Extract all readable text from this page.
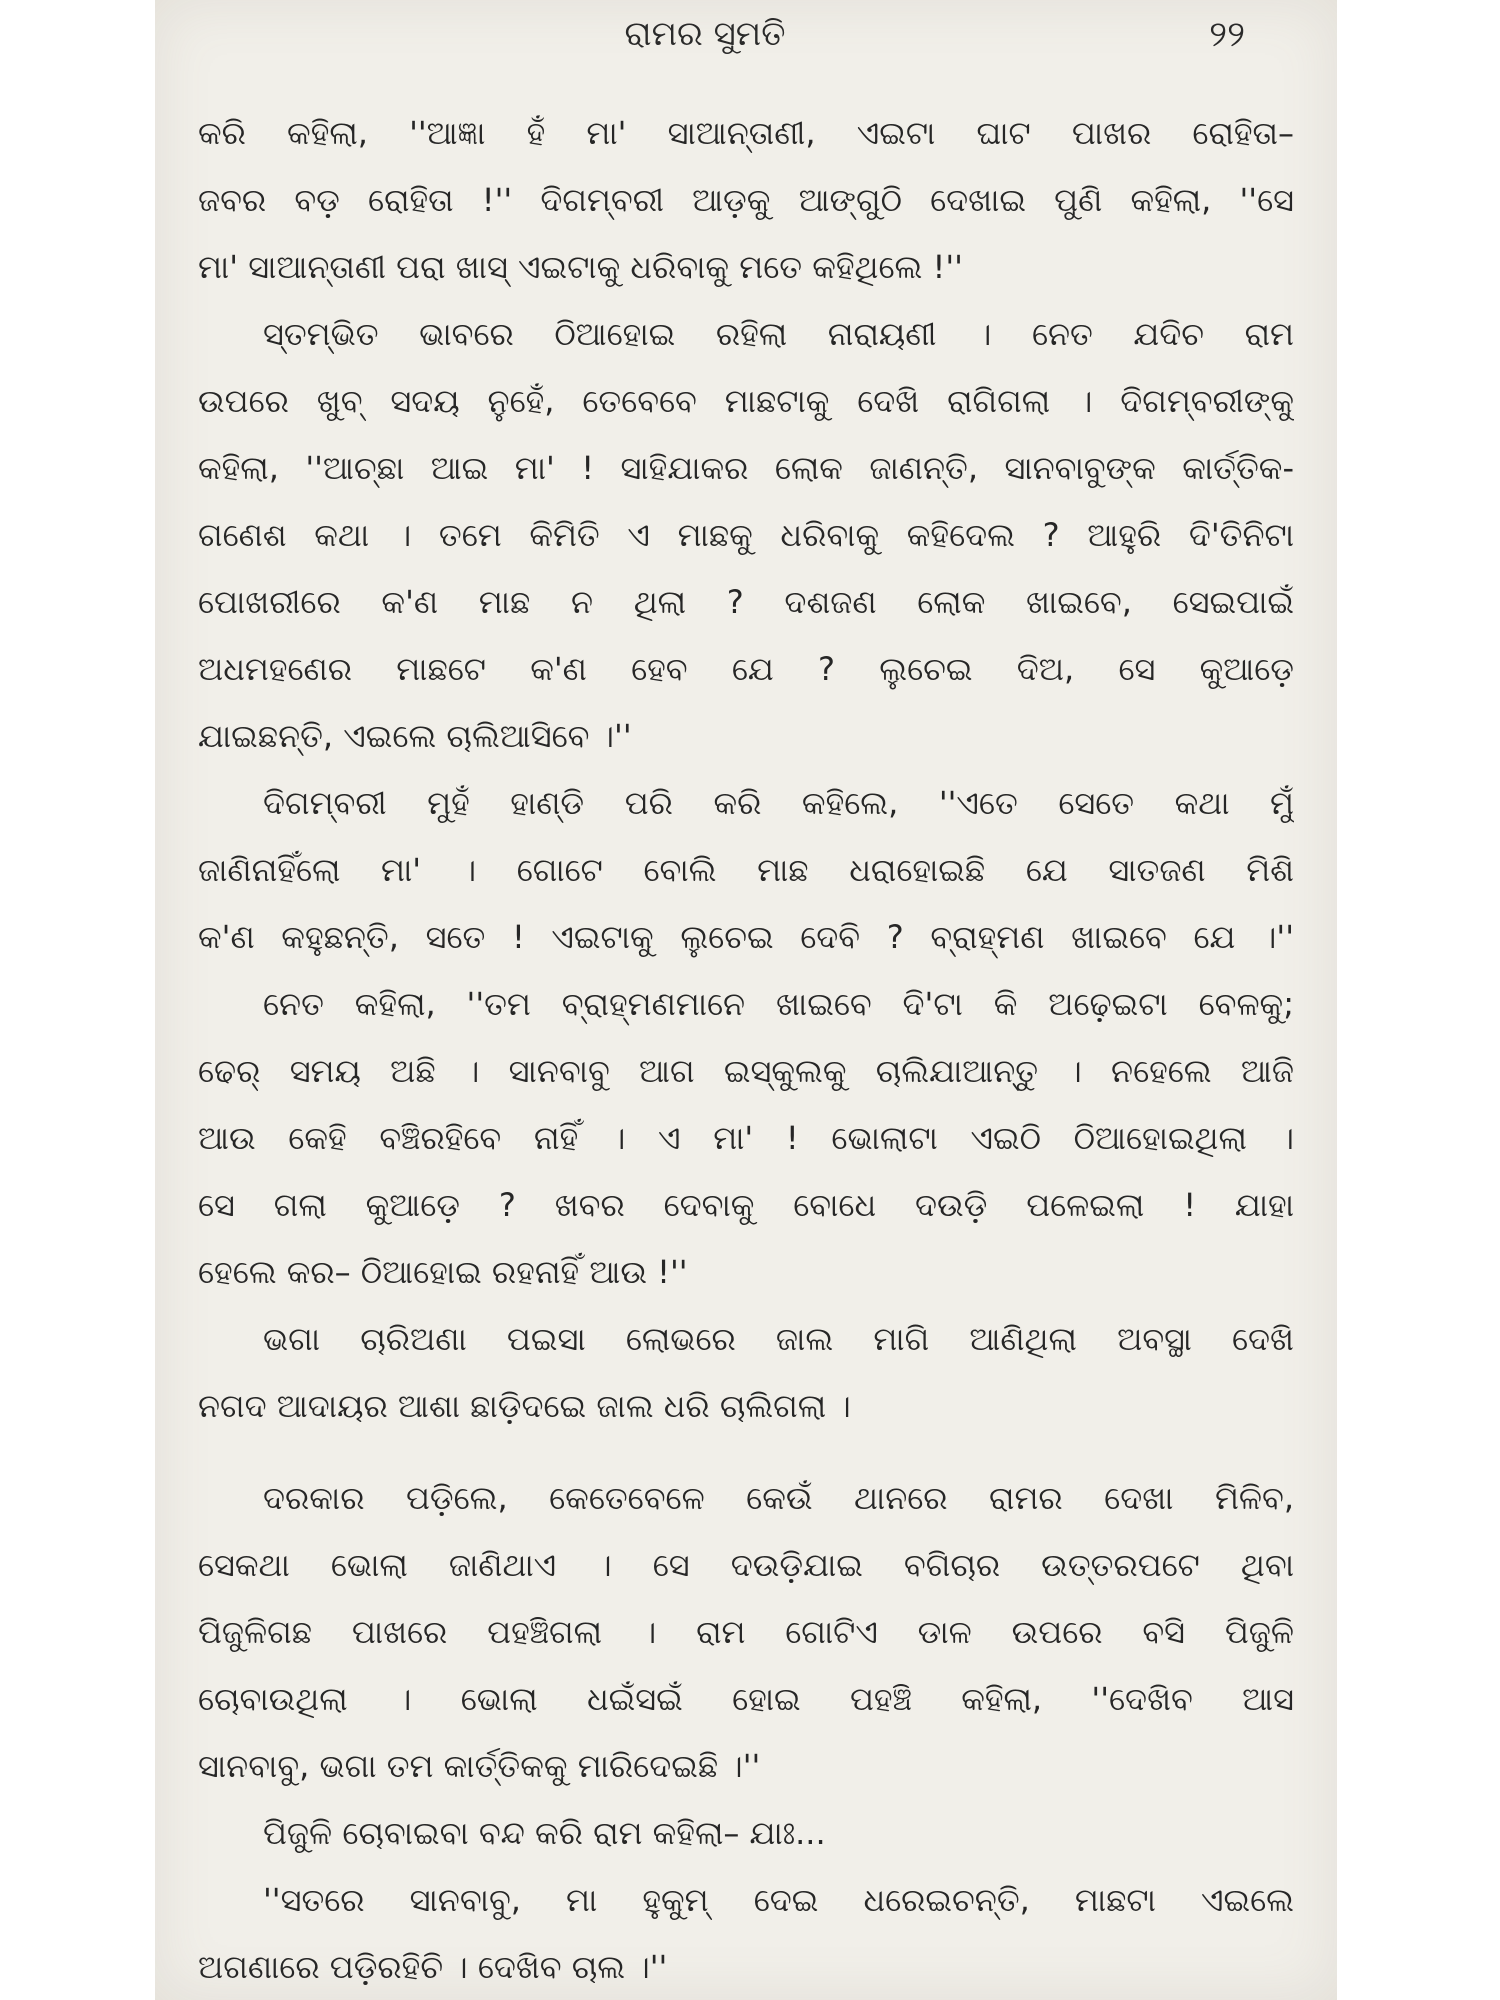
ରାମର ସୁମତି	୨୨
କରି କହିଲା, ''ଆଜ୍ଞା ହଁ ମା' ସାଆନ୍ତାଣୀ, ଏଇଟା ଘାଟ ପାଖର ରୋହିତା–
ଜବର ବଡ଼ ରୋହିତା !'' ଦିଗମ୍ବରୀ ଆଡ଼କୁ ଆଙ୍ଗୁଠି ଦେଖାଇ ପୁଣି କହିଲା, ''ସେ
ମା' ସାଆନ୍ତାଣୀ ପରା ଖାସ୍ ଏଇଟାକୁ ଧରିବାକୁ ମତେ କହିଥିଲେ !''
ସ୍ତମ୍ଭିତ ଭାବରେ ଠିଆହୋଇ ରହିଲା ନାରାୟଣୀ । ନେତ ଯଦିଚ ରାମ
ଉପରେ ଖୁବ୍ ସଦୟ ନୁହେଁ, ତେବେବେ ମାଛଟାକୁ ଦେଖି ରାଗିଗଲା । ଦିଗମ୍ବରୀଙ୍କୁ
କହିଲା, ''ଆଚ୍ଛା ଆଇ ମା' ! ସାହିଯାକର ଲୋକ ଜାଣନ୍ତି, ସାନବାବୁଙ୍କ କାର୍ତ୍ତିକ-
ଗଣେଶ କଥା । ତମେ କିମିତି ଏ ମାଛକୁ ଧରିବାକୁ କହିଦେଲ ? ଆହୁରି ଦି'ତିନିଟା
ପୋଖରୀରେ କ'ଣ ମାଛ ନ ଥିଲା ? ଦଶଜଣ ଲୋକ ଖାଇବେ, ସେଇପାଇଁ
ଅଧମହଣେର ମାଛଟେ କ'ଣ ହେବ ଯେ ? ଲୁଚେଇ ଦିଅ, ସେ କୁଆଡ଼େ
ଯାଇଛନ୍ତି, ଏଇଲେ ଚାଲିଆସିବେ ।''
ଦିଗମ୍ବରୀ ମୁହଁ ହାଣ୍ଡି ପରି କରି କହିଲେ, ''ଏତେ ସେତେ କଥା ମୁଁ
ଜାଣିନାହିଁଲୋ ମା' । ଗୋଟେ ବୋଲି ମାଛ ଧରାହୋଇଛି ଯେ ସାତଜଣ ମିଶି
କ'ଣ କହୁଛନ୍ତି, ସତେ ! ଏଇଟାକୁ ଲୁଚେଇ ଦେବି ? ବ୍ରାହ୍ମଣ ଖାଇବେ ଯେ ।''
ନେତ କହିଲା, ''ତମ ବ୍ରାହ୍ମଣମାନେ ଖାଇବେ ଦି'ଟା କି ଅଢ଼େଇଟା ବେଳକୁ;
ଢେର୍ ସମୟ ଅଛି । ସାନବାବୁ ଆଗ ଇସ୍କୁଲକୁ ଚାଲିଯାଆନ୍ତୁ । ନହେଲେ ଆଜି
ଆଉ କେହି ବଞ୍ଚିରହିବେ ନାହିଁ । ଏ ମା' ! ଭୋଲାଟା ଏଇଠି ଠିଆହୋଇଥିଲା ।
ସେ ଗଲା କୁଆଡ଼େ ? ଖବର ଦେବାକୁ ବୋଧେ ଦଉଡ଼ି ପଳେଇଲା ! ଯାହା
ହେଲେ କର– ଠିଆହୋଇ ରହନାହିଁ ଆଉ !''
ଭଗା ଚାରିଅଣା ପଇସା ଲୋଭରେ ଜାଲ ମାଗି ଆଣିଥିଲା ଅବସ୍ଥା ଦେଖି
ନଗଦ ଆଦାୟର ଆଶା ଛାଡ଼ିଦଇେ ଜାଲ ଧରି ଚାଲିଗଲା ।
ଦରକାର ପଡ଼ିଲେ, କେତେବେଳେ କେଉଁ ଥାନରେ ରାମର ଦେଖା ମିଳିବ,
ସେକଥା ଭୋଲା ଜାଣିଥାଏ । ସେ ଦଉଡ଼ିଯାଇ ବଗିଚାର ଉତ୍ତରପଟେ ଥିବା
ପିଜୁଳିଗଛ ପାଖରେ ପହଞ୍ଚିଗଲା । ରାମ ଗୋଟିଏ ଡାଳ ଉପରେ ବସି ପିଜୁଳି
ଚୋବାଉଥିଲା । ଭୋଲା ଧଇଁସଇଁ ହୋଇ ପହଞ୍ଚି କହିଲା, ''ଦେଖିବ ଆସ
ସାନବାବୁ, ଭଗା ତମ କାର୍ତ୍ତିକକୁ ମାରିଦେଇଛି ।''
ପିଜୁଳି ଚୋବାଇବା ବନ୍ଦ କରି ରାମ କହିଲା– ଯାଃ...
''ସତରେ ସାନବାବୁ, ମା ହୁକୁମ୍ ଦେଇ ଧରେଇଚନ୍ତି, ମାଛଟା ଏଇଲେ
ଅଗଣାରେ ପଡ଼ିରହିଚି । ଦେଖିବ ଚାଲ ।''
